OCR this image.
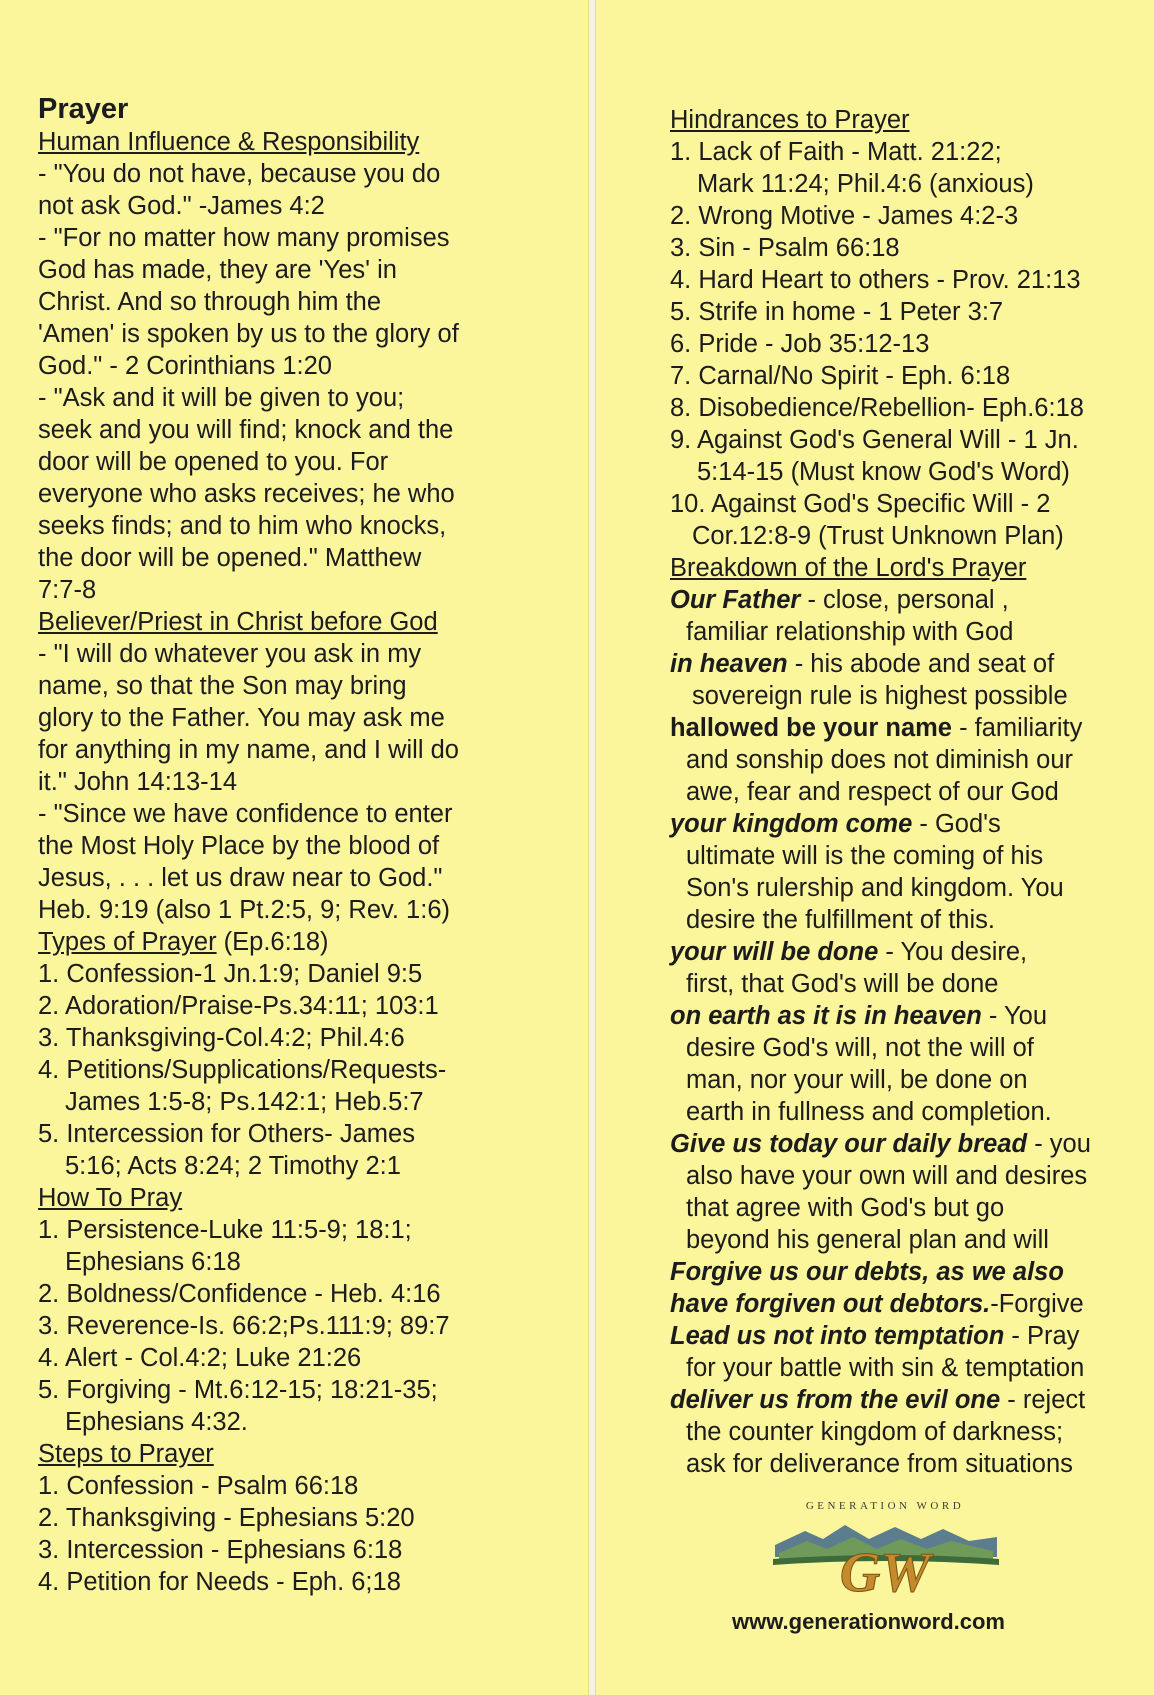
Prayer
Human Influence & Responsibility
- "You do not have, because you do
not ask God." -James 4:2
- "For no matter how many promises
God has made, they are 'Yes' in
Christ. And so through him the
'Amen' is spoken by us to the glory of
God." - 2 Corinthians 1:20
- "Ask and it will be given to you;
seek and you will find; knock and the
door will be opened to you. For
everyone who asks receives; he who
seeks finds; and to him who knocks,
the door will be opened." Matthew
7:7-8
Believer/Priest in Christ before God
- "I will do whatever you ask in my
name, so that the Son may bring
glory to the Father. You may ask me
for anything in my name, and I will do
it." John 14:13-14
- "Since we have confidence to enter
the Most Holy Place by the blood of
Jesus, . . . let us draw near to God."
Heb. 9:19 (also 1 Pt.2:5, 9; Rev. 1:6)
Types of Prayer (Ep.6:18)
1. Confession-1 Jn.1:9; Daniel 9:5
2. Adoration/Praise-Ps.34:11; 103:1
3. Thanksgiving-Col.4:2; Phil.4:6
4. Petitions/Supplications/Requests-
James 1:5-8; Ps.142:1; Heb.5:7
5. Intercession for Others- James
5:16; Acts 8:24; 2 Timothy 2:1
How To Pray
1. Persistence-Luke 11:5-9; 18:1;
Ephesians 6:18
2. Boldness/Confidence - Heb. 4:16
3. Reverence-Is. 66:2;Ps.111:9; 89:7
4. Alert - Col.4:2; Luke 21:26
5. Forgiving - Mt.6:12-15; 18:21-35;
Ephesians 4:32.
Steps to Prayer
1. Confession - Psalm 66:18
2. Thanksgiving - Ephesians 5:20
3. Intercession - Ephesians 6:18
4. Petition for Needs - Eph. 6;18
Hindrances to Prayer
1. Lack of Faith - Matt. 21:22;
Mark 11:24; Phil.4:6 (anxious)
2. Wrong Motive - James 4:2-3
3. Sin - Psalm 66:18
4. Hard Heart to others - Prov. 21:13
5. Strife in home - 1 Peter 3:7
6. Pride - Job 35:12-13
7. Carnal/No Spirit - Eph. 6:18
8. Disobedience/Rebellion- Eph.6:18
9. Against God's General Will - 1 Jn.
5:14-15 (Must know God's Word)
10. Against God's Specific Will - 2
Cor.12:8-9 (Trust Unknown Plan)
Breakdown of the Lord's Prayer
Our Father - close, personal ,
familiar relationship with God
in heaven - his abode and seat of
sovereign rule is highest possible
hallowed be your name - familiarity
and sonship does not diminish our
awe, fear and respect of our God
your kingdom come - God's
ultimate will is the coming of his
Son's rulership and kingdom. You
desire the fulfillment of this.
your will be done - You desire,
first, that God's will be done
on earth as it is in heaven - You
desire God's will, not the will of
man, nor your will, be done on
earth in fullness and completion.
Give us today our daily bread - you
also have your own will and desires
that agree with God's but go
beyond his general plan and will
Forgive us our debts, as we also
have forgiven out debtors.-Forgive
Lead us not into temptation - Pray
for your battle with sin & temptation
deliver us from the evil one - reject
the counter kingdom of darkness;
ask for deliverance from situations
GENERATION WORD
GW
www.generationword.com
